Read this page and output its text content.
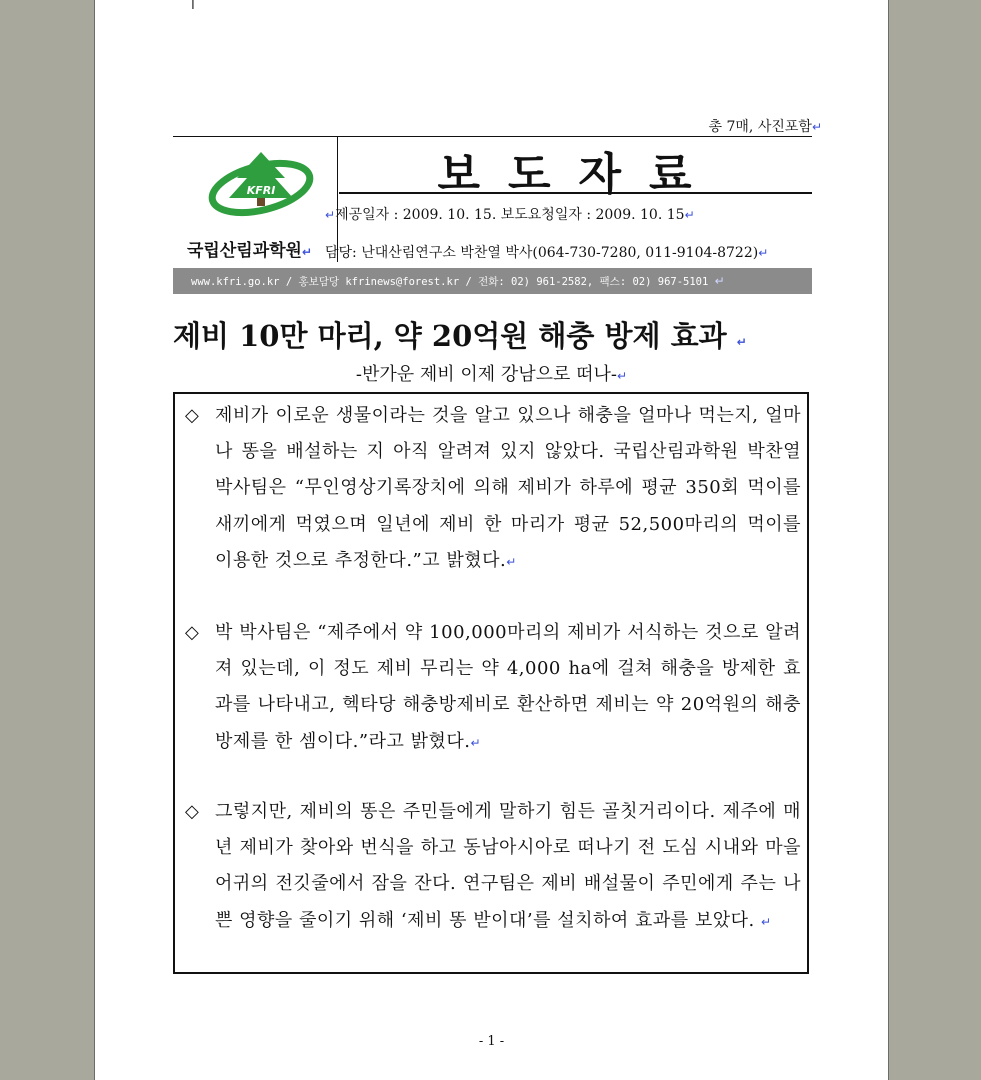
I
총 7매, 사진포함↵
KFRI
국립산림과학원↵
보도자료
↵제공일자 : 2009. 10. 15. 보도요청일자 : 2009. 10. 15↵
담당: 난대산림연구소 박찬열 박사(064-730-7280, 011-9104-8722)↵
www.kfri.go.kr / 홍보담당 kfrinews@forest.kr / 전화: 02) 961-2582, 팩스: 02) 967-5101 ↵
제비 10만 마리, 약 20억원 해충 방제 효과 ↵
-반가운 제비 이제 강남으로 떠나-↵
◇ 제비가 이로운 생물이라는 것을 알고 있으나 해충을 얼마나 먹는지, 얼마나 똥을 배설하는 지 아직 알려져 있지 않았다. 국립산림과학원 박찬열 박사팀은 “무인영상기록장치에 의해 제비가 하루에 평균 350회 먹이를 새끼에게 먹였으며 일년에 제비 한 마리가 평균 52,500마리의 먹이를 이용한 것으로 추정한다.”고 밝혔다.↵
◇ 박 박사팀은 “제주에서 약 100,000마리의 제비가 서식하는 것으로 알려져 있는데, 이 정도 제비 무리는 약 4,000 ha에 걸쳐 해충을 방제한 효과를 나타내고, 헥타당 해충방제비로 환산하면 제비는 약 20억원의 해충 방제를 한 셈이다.”라고 밝혔다.↵
◇ 그렇지만, 제비의 똥은 주민들에게 말하기 힘든 골칫거리이다. 제주에 매년 제비가 찾아와 번식을 하고 동남아시아로 떠나기 전 도심 시내와 마을 어귀의 전깃줄에서 잠을 잔다. 연구팀은 제비 배설물이 주민에게 주는 나쁜 영향을 줄이기 위해 ‘제비 똥 받이대’를 설치하여 효과를 보았다. ↵
- 1 -
